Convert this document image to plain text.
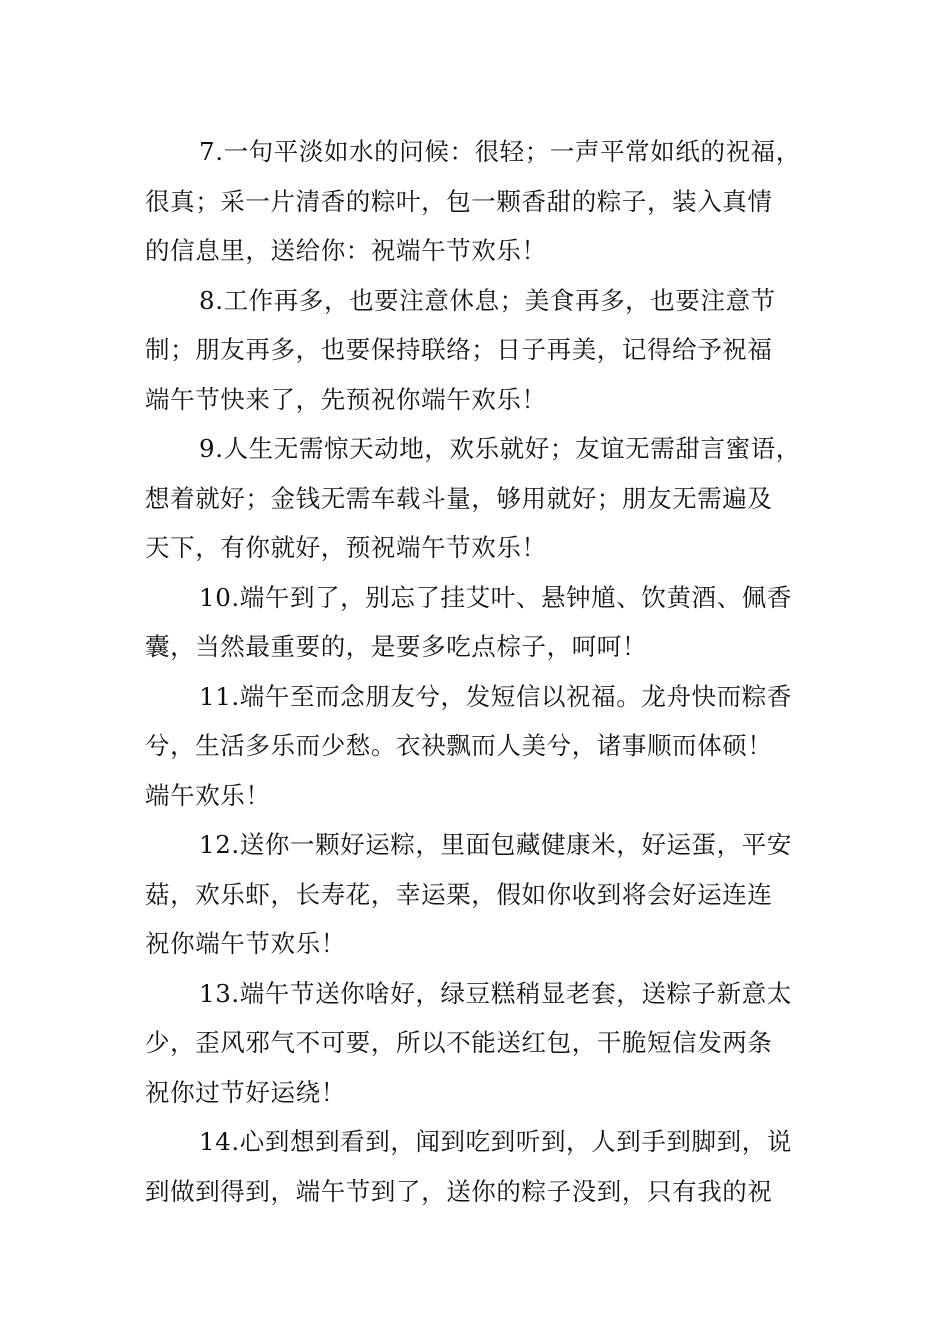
7.一句平淡如水的问候：很轻；一声平常如纸的祝福，
很真；采一片清香的粽叶，包一颗香甜的粽子，装入真情
的信息里，送给你：祝端午节欢乐！
8.工作再多，也要注意休息；美食再多，也要注意节
制；朋友再多，也要保持联络；日子再美，记得给予祝福
端午节快来了，先预祝你端午欢乐！
9.人生无需惊天动地，欢乐就好；友谊无需甜言蜜语，
想着就好；金钱无需车载斗量，够用就好；朋友无需遍及
天下，有你就好，预祝端午节欢乐！
10.端午到了，别忘了挂艾叶、悬钟馗、饮黄酒、佩香
囊，当然最重要的，是要多吃点棕子，呵呵！
11.端午至而念朋友兮，发短信以祝福。龙舟快而粽香
兮，生活多乐而少愁。衣袂飘而人美兮，诸事顺而体硕！
端午欢乐！
12.送你一颗好运粽，里面包藏健康米，好运蛋，平安
菇，欢乐虾，长寿花，幸运栗，假如你收到将会好运连连
祝你端午节欢乐！
13.端午节送你啥好，绿豆糕稍显老套，送粽子新意太
少，歪风邪气不可要，所以不能送红包，干脆短信发两条
祝你过节好运绕！
14.心到想到看到，闻到吃到听到，人到手到脚到，说
到做到得到，端午节到了，送你的粽子没到，只有我的祝
